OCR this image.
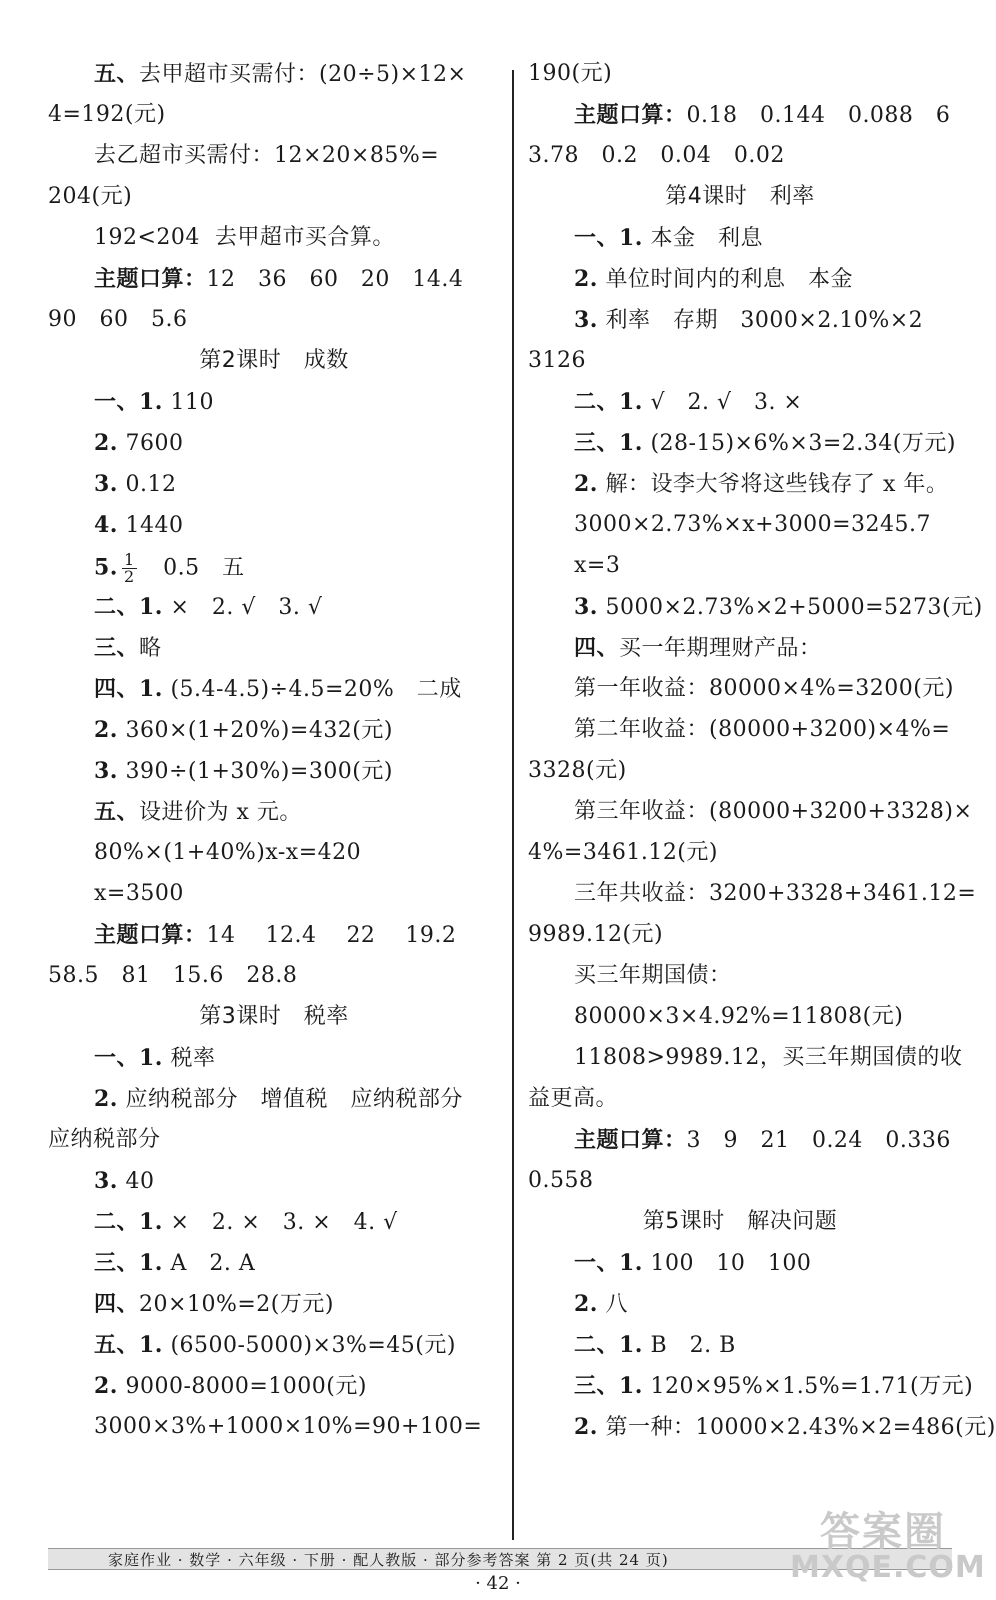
五、去甲超市买需付：(20÷5)×12×
4=192(元)
去乙超市买需付：12×20×85%=
204(元)
192<204  去甲超市买合算。
主题口算：12   36   60   20   14.4
90   60   5.6
第2课时   成数
一、1. 110
2. 7600
3. 0.12
4. 1440
5. $\frac{1}{2} 0.5$   五
二、1. ×   2. √   3. √
三、略
四、1. (5.4-4.5)÷4.5=20%   二成
2. 360×(1+20%)=432(元)
3. 390÷(1+30%)=300(元)
五、设进价为 x 元。
80%×(1+40%)x-x=420
x=3500
主题口算：14    12.4    22    19.2
58.5   81   15.6   28.8
第3课时   税率
一、1. 税率
2. 应纳税部分   增值税   应纳税部分
应纳税部分
3. 40
二、1. ×   2. ×   3. ×   4. √
三、1. A   2. A
四、20×10%=2(万元)
五、1. (6500-5000)×3%=45(元)
2. 9000-8000=1000(元)
3000×3%+1000×10%=90+100=
190(元)
主题口算：0.18   0.144   0.088   6
3.78   0.2   0.04   0.02
第4课时   利率
一、1. 本金   利息
2. 单位时间内的利息   本金
3. 利率   存期   3000×2.10%×2
3126
二、1. √   2. √   3. ×
三、1. (28-15)×6%×3=2.34(万元)
2. 解：设李大爷将这些钱存了 x 年。
3000×2.73%×x+3000=3245.7
x=3
3. 5000×2.73%×2+5000=5273(元)
四、买一年期理财产品：
第一年收益：80000×4%=3200(元)
第二年收益：(80000+3200)×4%=
3328(元)
第三年收益：(80000+3200+3328)×
4%=3461.12(元)
三年共收益：3200+3328+3461.12=
9989.12(元)
买三年期国债：
80000×3×4.92%=11808(元)
11808>9989.12，买三年期国债的收
益更高。
主题口算：3   9   21   0.24   0.336
0.558
第5课时   解决问题
一、1. 100   10   100
2. 八
二、1. B   2. B
三、1. 120×95%×1.5%=1.71(万元)
2. 第一种：10000×2.43%×2=486(元)
家庭作业 · 数学 · 六年级 · 下册 · 配人教版 · 部分参考答案 第 2 页(共 24 页)
· 42 ·
答案圈
MXQE.COM
